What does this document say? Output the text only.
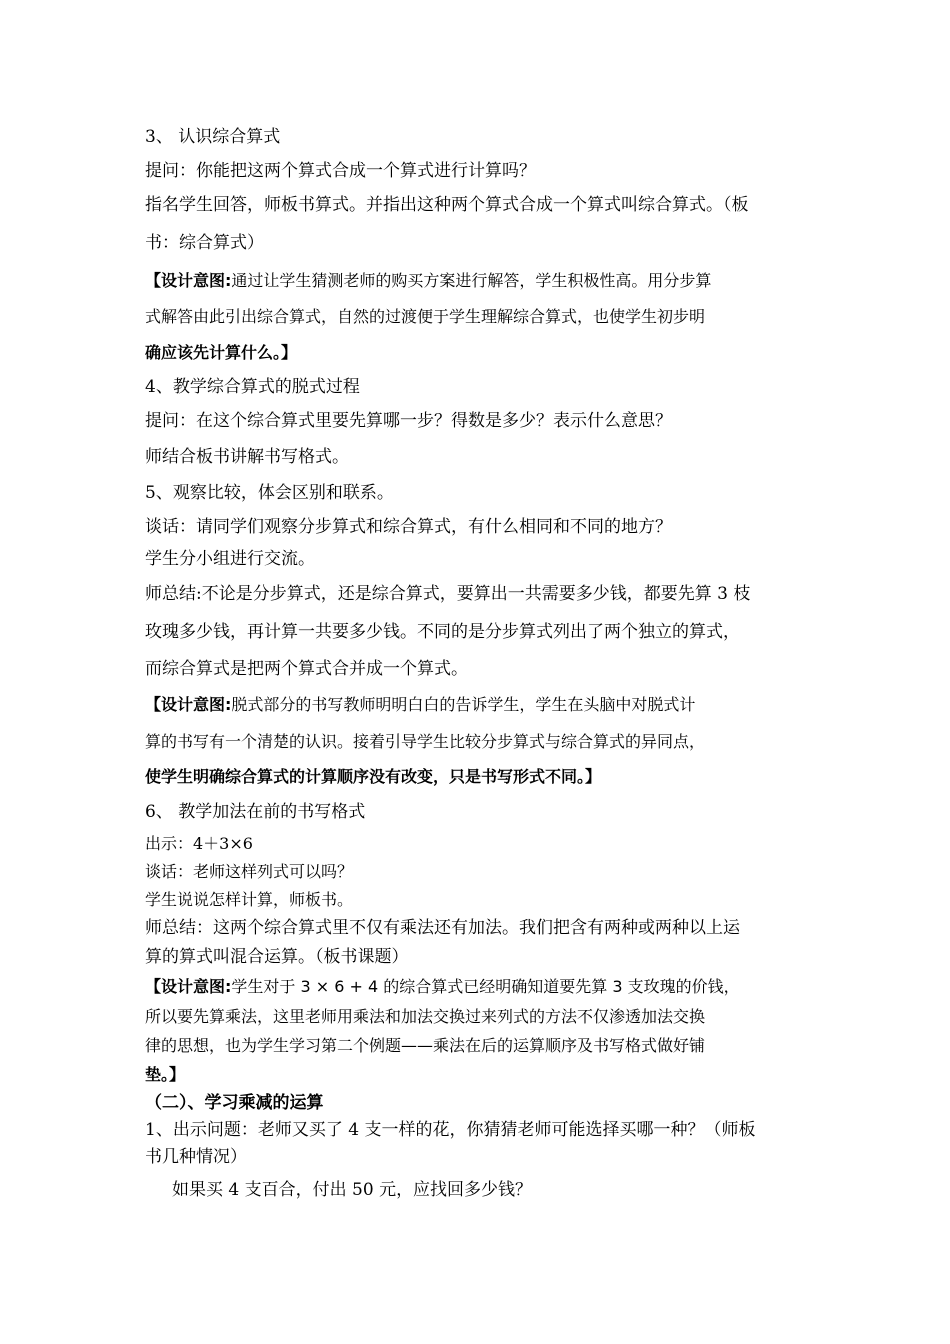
3、 认识综合算式
提问：你能把这两个算式合成一个算式进行计算吗？
指名学生回答，师板书算式。并指出这种两个算式合成一个算式叫综合算式。（板
书：综合算式）
【设计意图:通过让学生猜测老师的购买方案进行解答，学生积极性高。用分步算
式解答由此引出综合算式，自然的过渡便于学生理解综合算式，也使学生初步明
确应该先计算什么。】
4、教学综合算式的脱式过程
提问：在这个综合算式里要先算哪一步？得数是多少？表示什么意思？
师结合板书讲解书写格式。
5、观察比较，体会区别和联系。
谈话：请同学们观察分步算式和综合算式，有什么相同和不同的地方？
学生分小组进行交流。
师总结:不论是分步算式，还是综合算式，要算出一共需要多少钱，都要先算 3 枝
玫瑰多少钱，再计算一共要多少钱。不同的是分步算式列出了两个独立的算式，
而综合算式是把两个算式合并成一个算式。
【设计意图:脱式部分的书写教师明明白白的告诉学生，学生在头脑中对脱式计
算的书写有一个清楚的认识。接着引导学生比较分步算式与综合算式的异同点，
使学生明确综合算式的计算顺序没有改变，只是书写形式不同。】
6、 教学加法在前的书写格式
出示：4＋3×6
谈话：老师这样列式可以吗？
学生说说怎样计算，师板书。
师总结：这两个综合算式里不仅有乘法还有加法。我们把含有两种或两种以上运
算的算式叫混合运算。（板书课题）
【设计意图:学生对于 3 × 6 + 4 的综合算式已经明确知道要先算 3 支玫瑰的价钱，
所以要先算乘法，这里老师用乘法和加法交换过来列式的方法不仅渗透加法交换
律的思想，也为学生学习第二个例题——乘法在后的运算顺序及书写格式做好铺
垫。】
（二）、学习乘减的运算
1、出示问题：老师又买了 4 支一样的花，你猜猜老师可能选择买哪一种？（师板
书几种情况）
如果买 4 支百合，付出 50 元，应找回多少钱？
